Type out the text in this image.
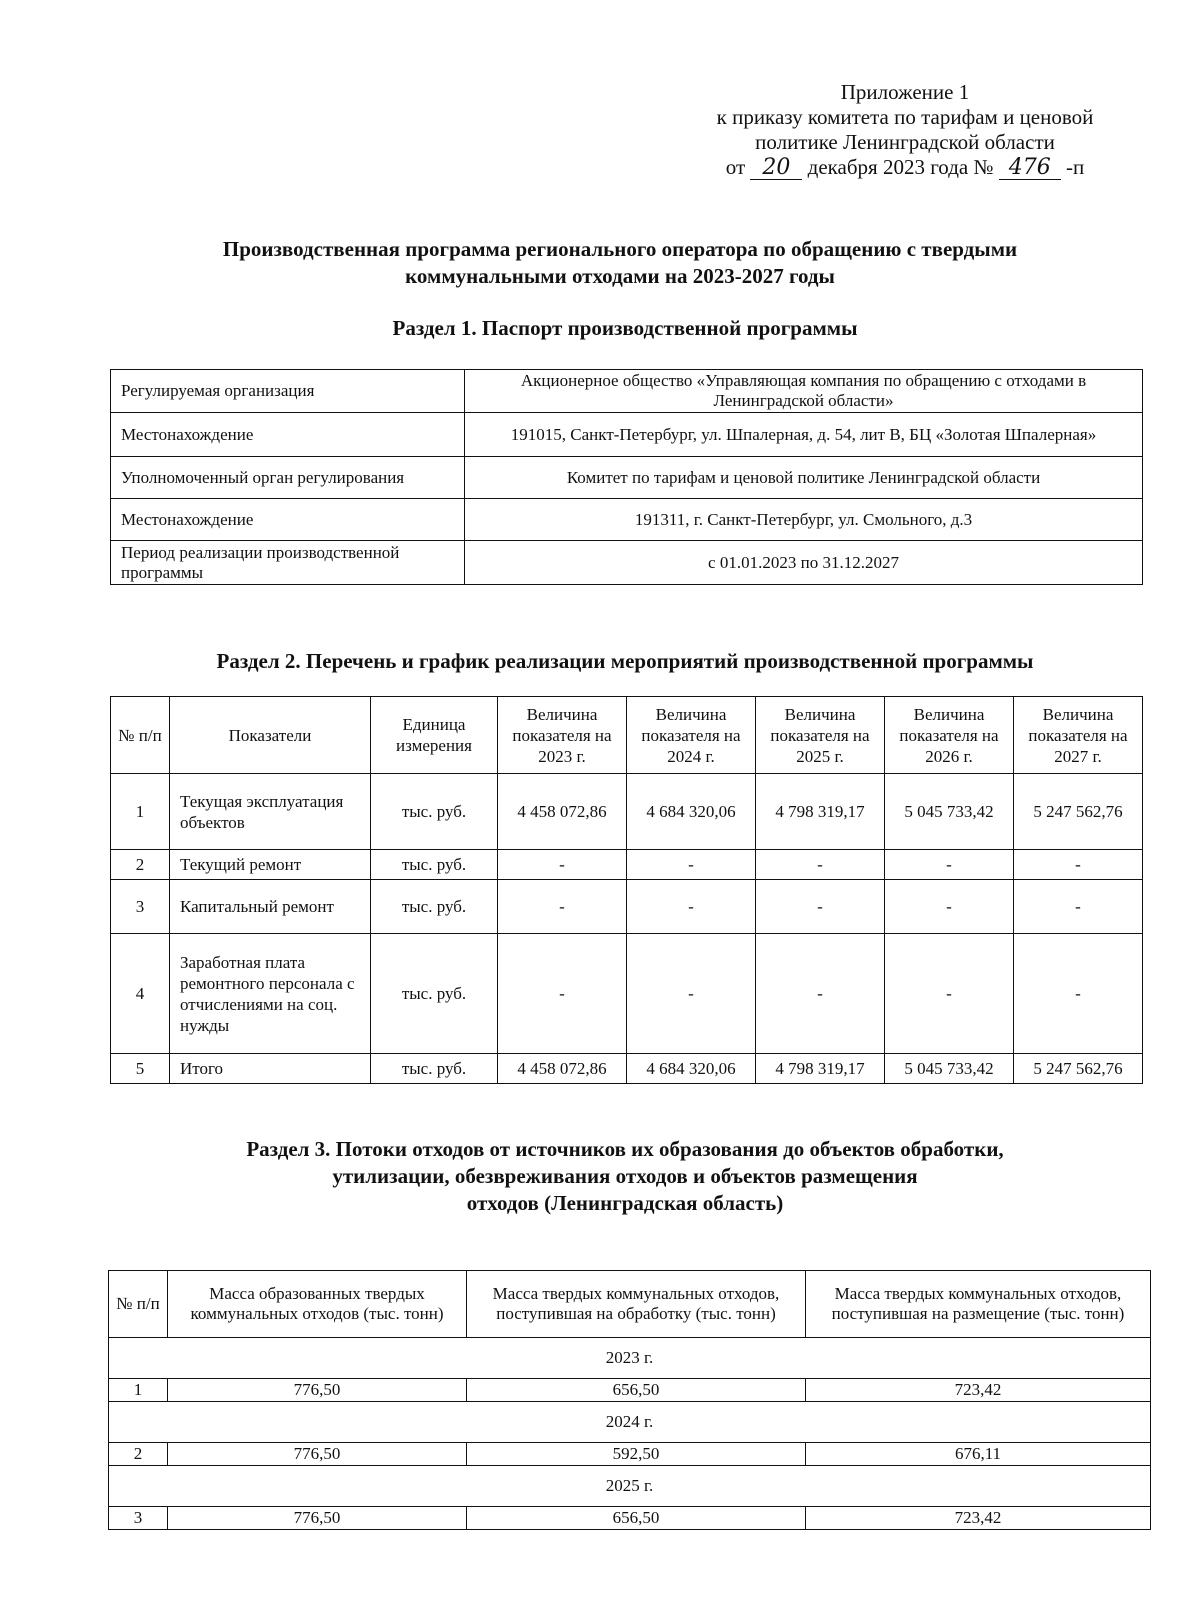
Приложение 1
к приказу комитета по тарифам и ценовой
политике Ленинградской области
от 20 декабря 2023 года № 476 -п
Производственная программа регионального оператора по обращению с твердыми
коммунальными отходами на 2023-2027 годы
Раздел 1. Паспорт производственной программы
Регулируемая организация	Акционерное общество «Управляющая компания по обращению с отходами в Ленинградской области»
Местонахождение	191015, Санкт-Петербург, ул. Шпалерная, д. 54, лит В, БЦ «Золотая Шпалерная»
Уполномоченный орган регулирования	Комитет по тарифам и ценовой политике Ленинградской области
Местонахождение	191311, г. Санкт-Петербург, ул. Смольного, д.3
Период реализации производственной программы	с 01.01.2023 по 31.12.2027
Раздел 2. Перечень и график реализации мероприятий производственной программы
№ п/п	Показатели	Единица измерения	Величина показателя на 2023 г.	Величина показателя на 2024 г.	Величина показателя на 2025 г.	Величина показателя на 2026 г.	Величина показателя на 2027 г.
1	Текущая эксплуатация объектов	тыс. руб.	4 458 072,86	4 684 320,06	4 798 319,17	5 045 733,42	5 247 562,76
2	Текущий ремонт	тыс. руб.	-	-	-	-	-
3	Капитальный ремонт	тыс. руб.	-	-	-	-	-
4	Заработная плата ремонтного персонала с отчислениями на соц. нужды	тыс. руб.	-	-	-	-	-
5	Итого	тыс. руб.	4 458 072,86	4 684 320,06	4 798 319,17	5 045 733,42	5 247 562,76
Раздел 3. Потоки отходов от источников их образования до объектов обработки,
утилизации, обезвреживания отходов и объектов размещения
отходов (Ленинградская область)
№ п/п	Масса образованных твердых коммунальных отходов (тыс. тонн)	Масса твердых коммунальных отходов, поступившая на обработку (тыс. тонн)	Масса твердых коммунальных отходов, поступившая на размещение (тыс. тонн)
2023 г.			
1	776,50	656,50	723,42
2024 г.			
2	776,50	592,50	676,11
2025 г.			
3	776,50	656,50	723,42
